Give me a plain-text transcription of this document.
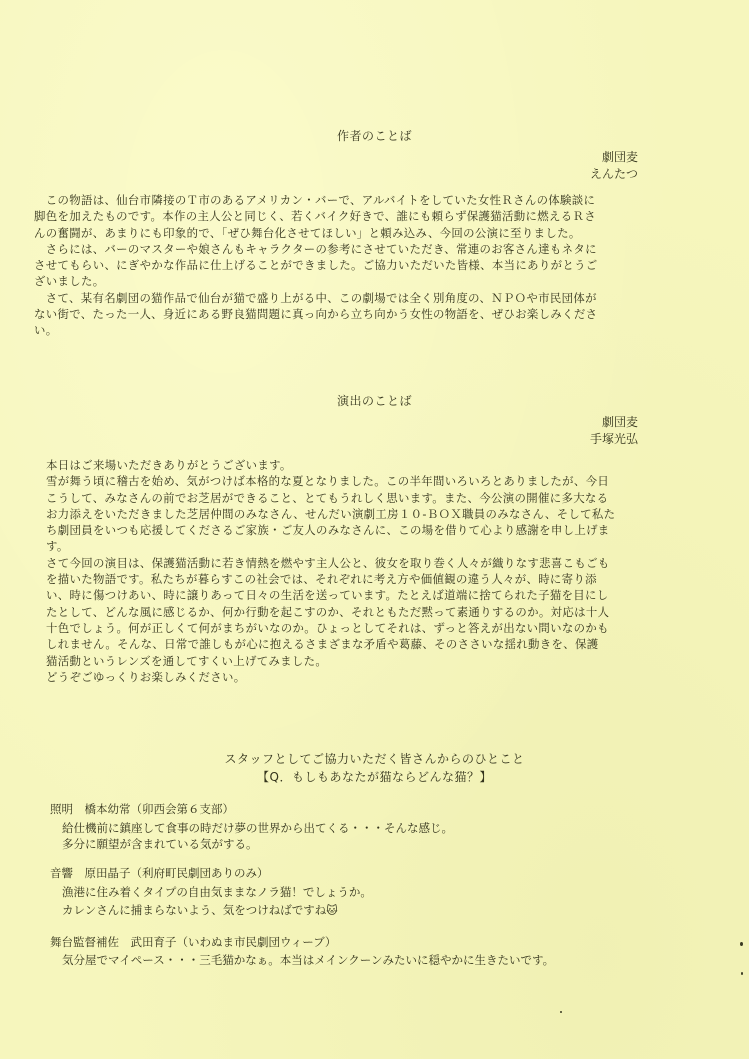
作者のことば
劇団麦
えんたつ
　この物語は、仙台市隣接のＴ市のあるアメリカン・バーで、アルバイトをしていた女性Ｒさんの体験談に
脚色を加えたものです。本作の主人公と同じく、若くバイク好きで、誰にも頼らず保護猫活動に燃えるＲさ
んの奮闘が、あまりにも印象的で、「ぜひ舞台化させてほしい」と頼み込み、今回の公演に至りました。
　さらには、バーのマスターや娘さんもキャラクターの参考にさせていただき、常連のお客さん達もネタに
させてもらい、にぎやかな作品に仕上げることができました。ご協力いただいた皆様、本当にありがとうご
ざいました。
　さて、某有名劇団の猫作品で仙台が猫で盛り上がる中、この劇場では全く別角度の、ＮＰＯや市民団体が
ない街で、たった一人、身近にある野良猫問題に真っ向から立ち向かう女性の物語を、ぜひお楽しみくださ
い。
演出のことば
劇団麦
手塚光弘
本日はご来場いただきありがとうございます。
雪が舞う頃に稽古を始め、気がつけば本格的な夏となりました。この半年間いろいろとありましたが、今日
こうして、みなさんの前でお芝居ができること、とてもうれしく思います。また、今公演の開催に多大なる
お力添えをいただきました芝居仲間のみなさん、せんだい演劇工房１０-ＢＯＸ職員のみなさん、そして私た
ち劇団員をいつも応援してくださるご家族・ご友人のみなさんに、この場を借りて心より感謝を申し上げま
す。
さて今回の演目は、保護猫活動に若き情熱を燃やす主人公と、彼女を取り巻く人々が織りなす悲喜こもごも
を描いた物語です。私たちが暮らすこの社会では、それぞれに考え方や価値観の違う人々が、時に寄り添
い、時に傷つけあい、時に譲りあって日々の生活を送っています。たとえば道端に捨てられた子猫を目にし
たとして、どんな風に感じるか、何か行動を起こすのか、それともただ黙って素通りするのか。対応は十人
十色でしょう。何が正しくて何がまちがいなのか。ひょっとしてそれは、ずっと答えが出ない問いなのかも
しれません。そんな、日常で誰しもが心に抱えるさまざまな矛盾や葛藤、そのささいな揺れ動きを、保護
猫活動というレンズを通してすくい上げてみました。
どうぞごゆっくりお楽しみください。
スタッフとしてご協力いただく皆さんからのひとこと
【Q．もしもあなたが猫ならどんな猫？】
照明　 橋本幼常（卯西会第６支部）
給仕機前に鎮座して食事の時だけ夢の世界から出てくる・・・そんな感じ。
多分に願望が含まれている気がする。
音響　 原田晶子（利府町民劇団ありのみ）
漁港に住み着くタイプの自由気ままなノラ猫！でしょうか。
カレンさんに捕まらないよう、気をつけねばですね🐱
舞台監督補佐　 武田育子（いわぬま市民劇団ウィーブ）
気分屋でマイペース・・・三毛猫かなぁ。本当はメインクーンみたいに穏やかに生きたいです。
